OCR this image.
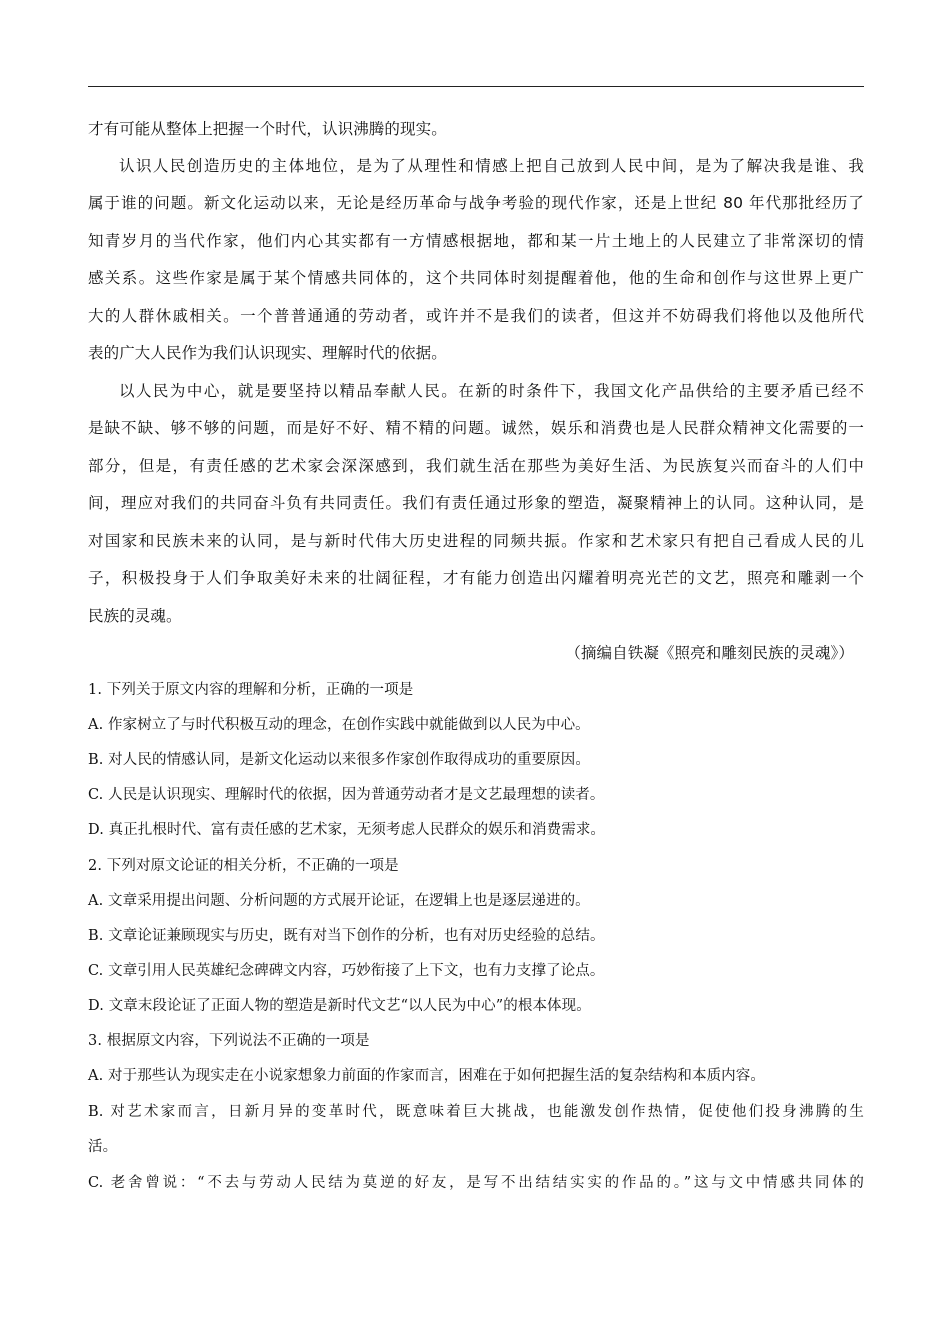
才有可能从整体上把握一个时代，认识沸腾的现实。
认识人民创造历史的主体地位，是为了从理性和情感上把自己放到人民中间，是为了解决我是谁、我
属于谁的问题。新文化运动以来，无论是经历革命与战争考验的现代作家，还是上世纪 80 年代那批经历了
知青岁月的当代作家，他们内心其实都有一方情感根据地，都和某一片土地上的人民建立了非常深切的情
感关系。这些作家是属于某个情感共同体的，这个共同体时刻提醒着他，他的生命和创作与这世界上更广
大的人群休戚相关。一个普普通通的劳动者，或许并不是我们的读者，但这并不妨碍我们将他以及他所代
表的广大人民作为我们认识现实、理解时代的依据。
以人民为中心，就是要坚持以精品奉献人民。在新的时条件下，我国文化产品供给的主要矛盾已经不
是缺不缺、够不够的问题，而是好不好、精不精的问题。诚然，娱乐和消费也是人民群众精神文化需要的一
部分，但是，有责任感的艺术家会深深感到，我们就生活在那些为美好生活、为民族复兴而奋斗的人们中
间，理应对我们的共同奋斗负有共同责任。我们有责任通过形象的塑造，凝聚精神上的认同。这种认同，是
对国家和民族未来的认同，是与新时代伟大历史进程的同频共振。作家和艺术家只有把自己看成人民的儿
子，积极投身于人们争取美好未来的壮阔征程，才有能力创造出闪耀着明亮光芒的文艺，照亮和雕剥一个
民族的灵魂。
（摘编自铁凝《照亮和雕刻民族的灵魂》）
1. 下列关于原文内容的理解和分析，正确的一项是
A. 作家树立了与时代积极互动的理念，在创作实践中就能做到以人民为中心。
B. 对人民的情感认同，是新文化运动以来很多作家创作取得成功的重要原因。
C. 人民是认识现实、理解时代的依据，因为普通劳动者才是文艺最理想的读者。
D. 真正扎根时代、富有责任感的艺术家，无须考虑人民群众的娱乐和消费需求。
2. 下列对原文论证的相关分析，不正确的一项是
A. 文章采用提出问题、分析问题的方式展开论证，在逻辑上也是逐层递进的。
B. 文章论证兼顾现实与历史，既有对当下创作的分析，也有对历史经验的总结。
C. 文章引用人民英雄纪念碑碑文内容，巧妙衔接了上下文，也有力支撑了论点。
D. 文章末段论证了正面人物的塑造是新时代文艺“以人民为中心”的根本体现。
3. 根据原文内容，下列说法不正确的一项是
A. 对于那些认为现实走在小说家想象力前面的作家而言，困难在于如何把握生活的复杂结构和本质内容。
B. 对艺术家而言，日新月异的变革时代，既意味着巨大挑战，也能激发创作热情，促使他们投身沸腾的生
活。
C. 老舍曾说：“不去与劳动人民结为莫逆的好友，是写不出结结实实的作品的。”这与文中情感共同体的
